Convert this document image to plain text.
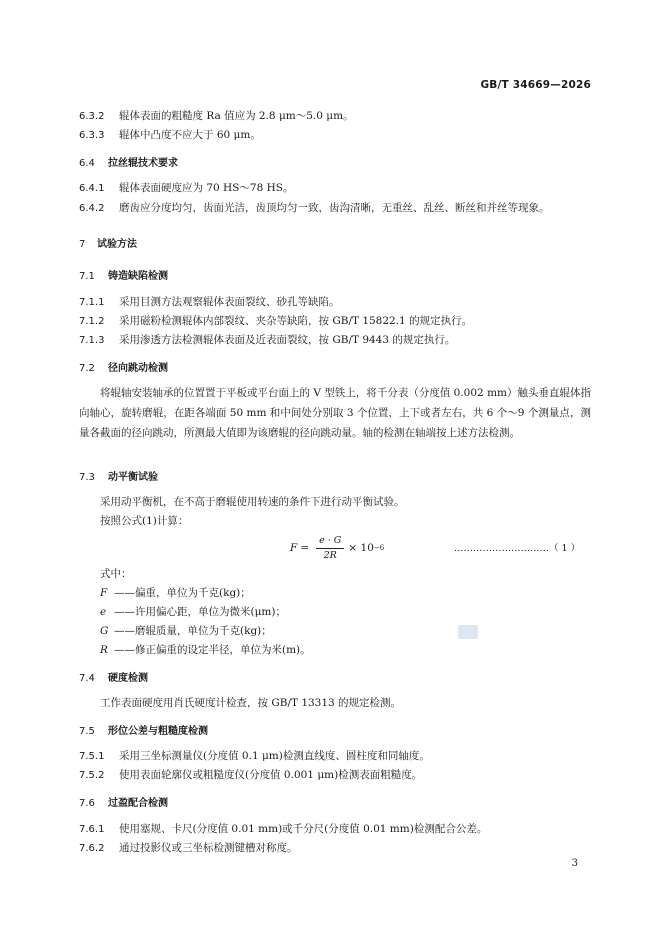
GB/T 34669—2026
6.3.2 辊体表面的粗糙度 Ra 值应为 2.8 μm～5.0 μm。
6.3.3 辊体中凸度不应大于 60 μm。
6.4 拉丝辊技术要求
6.4.1 辊体表面硬度应为 70 HS～78 HS。
6.4.2 磨齿应分度均匀，齿面光洁，齿顶均匀一致，齿沟清晰，无重丝、乱丝、断丝和并丝等现象。
7 试验方法
7.1 铸造缺陷检测
7.1.1 采用目测方法观察辊体表面裂纹、砂孔等缺陷。
7.1.2 采用磁粉检测辊体内部裂纹、夹杂等缺陷，按 GB/T 15822.1 的规定执行。
7.1.3 采用渗透方法检测辊体表面及近表面裂纹，按 GB/T 9443 的规定执行。
7.2 径向跳动检测
将辊轴安装轴承的位置置于平板或平台面上的 V 型铁上，将千分表（分度值 0.002 mm）触头垂直辊体指向轴心，旋转磨辊，在距各端面 50 mm 和中间处分别取 3 个位置，上下或者左右，共 6 个～9 个测量点，测量各截面的径向跳动，所测最大值即为该磨辊的径向跳动量。轴的检测在轴端按上述方法检测。
7.3 动平衡试验
采用动平衡机，在不高于磨辊使用转速的条件下进行动平衡试验。
按照公式(1)计算：
$F = \frac{e \cdot G}{2R} \times 10 -6$	…………………………（ 1 ）
式中：
F ——偏重，单位为千克(kg)；
e ——许用偏心距，单位为微米(μm)；
G ——磨辊质量，单位为千克(kg)；
R ——修正偏重的设定半径，单位为米(m)。
7.4 硬度检测
工作表面硬度用肖氏硬度计检查，按 GB/T 13313 的规定检测。
7.5 形位公差与粗糙度检测
7.5.1 采用三坐标测量仪(分度值 0.1 μm)检测直线度、圆柱度和同轴度。
7.5.2 使用表面轮廓仪或粗糙度仪(分度值 0.001 μm)检测表面粗糙度。
7.6 过盈配合检测
7.6.1 使用塞规、卡尺(分度值 0.01 mm)或千分尺(分度值 0.01 mm)检测配合公差。
7.6.2 通过投影仪或三坐标检测键槽对称度。
3
